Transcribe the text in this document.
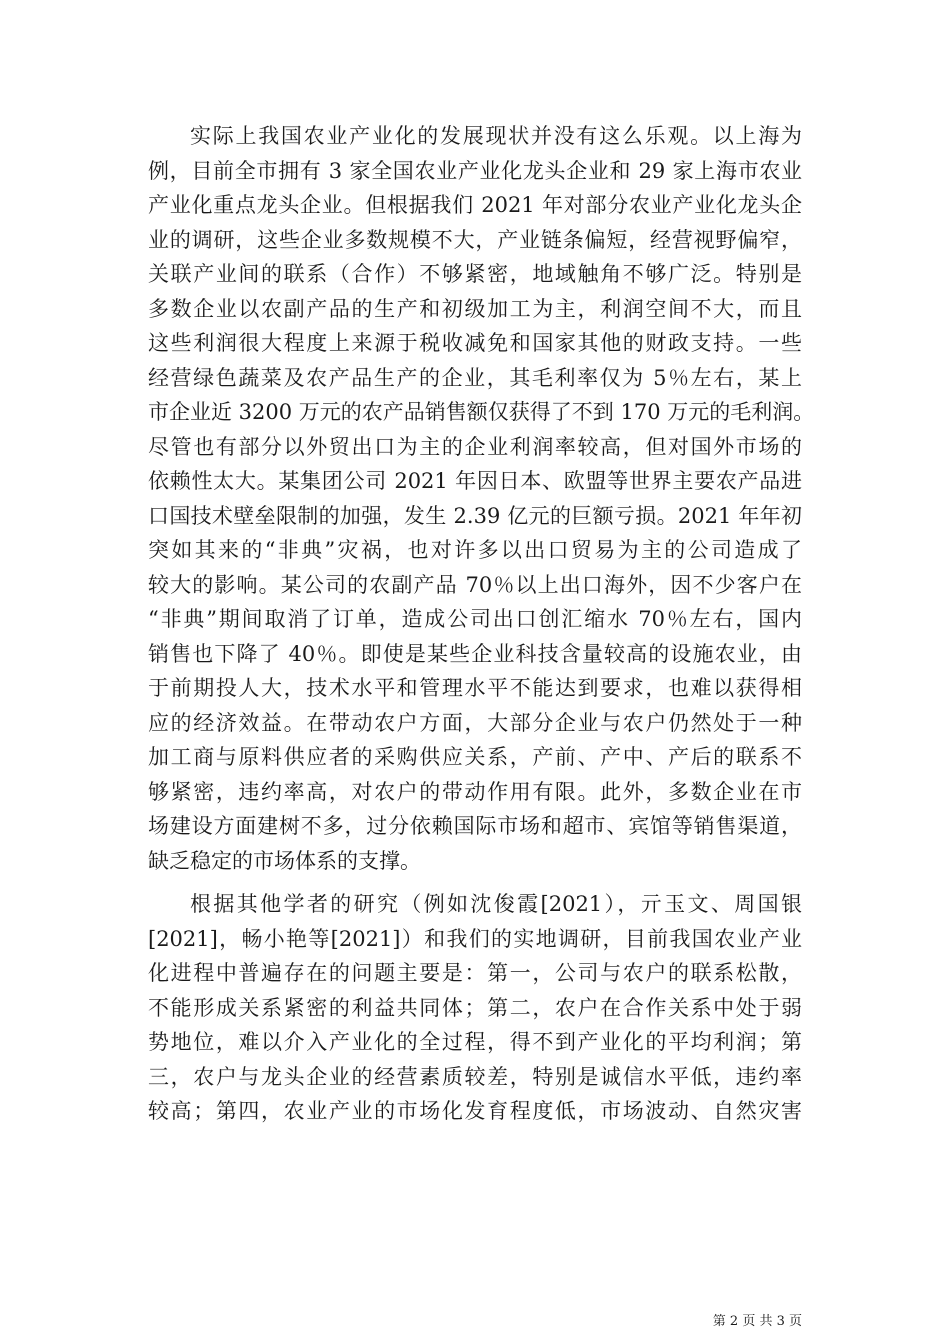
实际上我国农业产业化的发展现状并没有这么乐观。以上海为
例，目前全市拥有 3 家全国农业产业化龙头企业和 29 家上海市农业
产业化重点龙头企业。但根据我们 2021 年对部分农业产业化龙头企
业的调研，这些企业多数规模不大，产业链条偏短，经营视野偏窄，
关联产业间的联系（合作）不够紧密，地域触角不够广泛。特别是
多数企业以农副产品的生产和初级加工为主，利润空间不大，而且
这些利润很大程度上来源于税收减免和国家其他的财政支持。一些
经营绿色蔬菜及农产品生产的企业，其毛利率仅为 5％左右，某上
市企业近 3200 万元的农产品销售额仅获得了不到 170 万元的毛利润。
尽管也有部分以外贸出口为主的企业利润率较高，但对国外市场的
依赖性太大。某集团公司 2021 年因日本、欧盟等世界主要农产品进
口国技术壁垒限制的加强，发生 2.39 亿元的巨额亏损。2021 年年初
突如其来的“非典”灾祸，也对许多以出口贸易为主的公司造成了
较大的影响。某公司的农副产品 70％以上出口海外，因不少客户在
“非典”期间取消了订单，造成公司出口创汇缩水 70％左右，国内
销售也下降了 40％。即使是某些企业科技含量较高的设施农业，由
于前期投人大，技术水平和管理水平不能达到要求，也难以获得相
应的经济效益。在带动农户方面，大部分企业与农户仍然处于一种
加工商与原料供应者的采购供应关系，产前、产中、产后的联系不
够紧密，违约率高，对农户的带动作用有限。此外，多数企业在市
场建设方面建树不多，过分依赖国际市场和超市、宾馆等销售渠道，
缺乏稳定的市场体系的支撑。
根据其他学者的研究（例如沈俊霞[2021），亓玉文、周国银
[2021]，畅小艳等[2021]）和我们的实地调研，目前我国农业产业
化进程中普遍存在的问题主要是：第一，公司与农户的联系松散，
不能形成关系紧密的利益共同体；第二，农户在合作关系中处于弱
势地位，难以介入产业化的全过程，得不到产业化的平均利润；第
三，农户与龙头企业的经营素质较差，特别是诚信水平低，违约率
较高；第四，农业产业的市场化发育程度低，市场波动、自然灾害
第 2 页 共 3 页
